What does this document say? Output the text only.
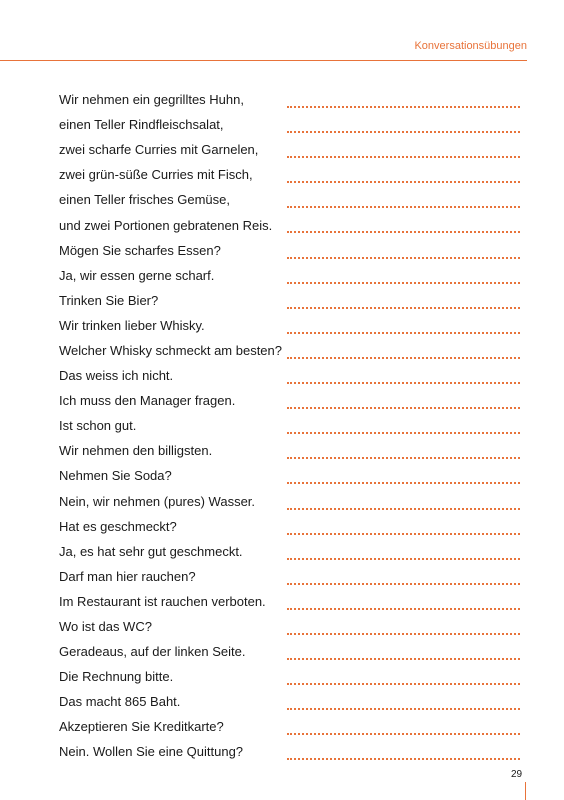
Konversationsübungen
Wir nehmen ein gegrilltes Huhn,
einen Teller Rindfleischsalat,
zwei scharfe Curries mit Garnelen,
zwei grün-süße Curries mit Fisch,
einen Teller frisches Gemüse,
und zwei Portionen gebratenen Reis.
Mögen Sie scharfes Essen?
Ja, wir essen gerne scharf.
Trinken Sie Bier?
Wir trinken lieber Whisky.
Welcher Whisky schmeckt am besten?
Das weiss ich nicht.
Ich muss den Manager fragen.
Ist schon gut.
Wir nehmen den billigsten.
Nehmen Sie Soda?
Nein, wir nehmen (pures) Wasser.
Hat es geschmeckt?
Ja, es hat sehr gut geschmeckt.
Darf man hier rauchen?
Im Restaurant ist rauchen verboten.
Wo ist das WC?
Geradeaus, auf der linken Seite.
Die Rechnung bitte.
Das macht 865 Baht.
Akzeptieren Sie Kreditkarte?
Nein. Wollen Sie eine Quittung?
29
